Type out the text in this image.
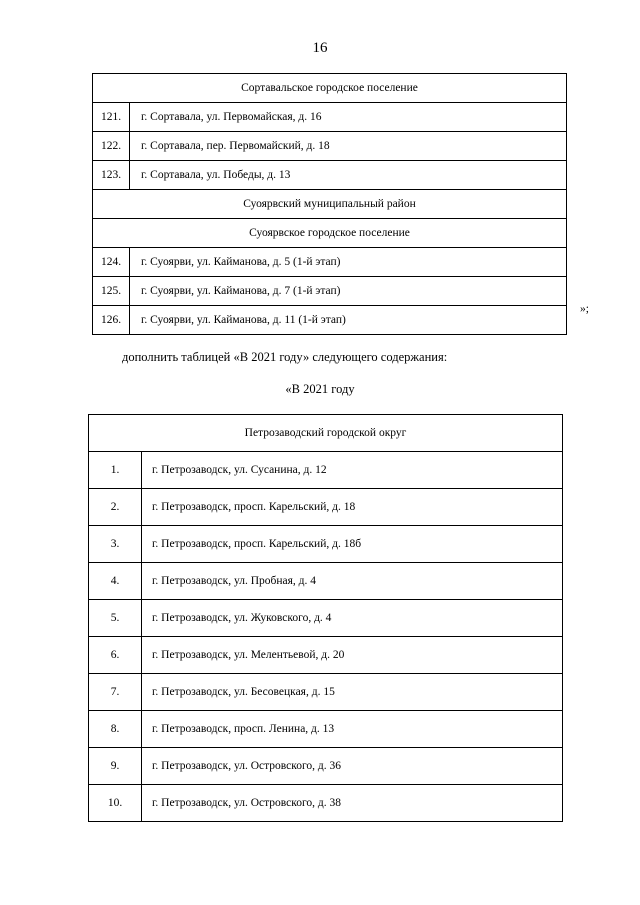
16
Сортавальское городское поселение	
121.	г. Сортавала, ул. Первомайская, д. 16
122.	г. Сортавала, пер. Первомайский, д. 18
123.	г. Сортавала, ул. Победы, д. 13
Суоярвский муниципальный район	
Суоярвское городское поселение	
124.	г. Суоярви, ул. Кайманова, д. 5 (1-й этап)
125.	г. Суоярви, ул. Кайманова, д. 7 (1-й этап)
126.	г. Суоярви, ул. Кайманова, д. 11 (1-й этап)
»;
дополнить таблицей «В 2021 году» следующего содержания:
«В 2021 году
Петрозаводский городской округ	
1.	г. Петрозаводск, ул. Сусанина, д. 12
2.	г. Петрозаводск, просп. Карельский, д. 18
3.	г. Петрозаводск, просп. Карельский, д. 18б
4.	г. Петрозаводск, ул. Пробная, д. 4
5.	г. Петрозаводск, ул. Жуковского, д. 4
6.	г. Петрозаводск, ул. Мелентьевой, д. 20
7.	г. Петрозаводск, ул. Бесовецкая, д. 15
8.	г. Петрозаводск, просп. Ленина, д. 13
9.	г. Петрозаводск, ул. Островского, д. 36
10.	г. Петрозаводск, ул. Островского, д. 38
